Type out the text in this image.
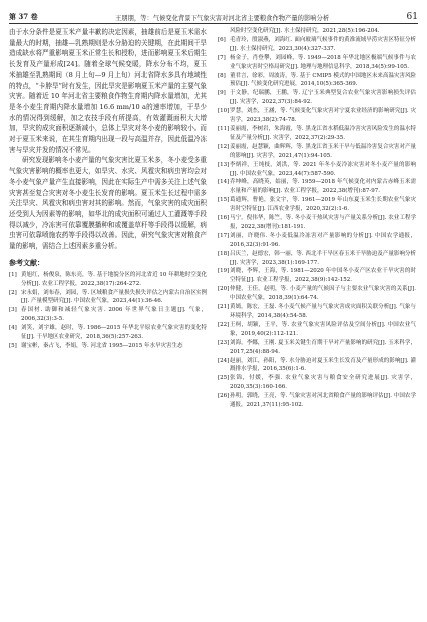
第 37 卷	王朋朋，等：气候变化背景下气象灾害对河北省主要粮食作物产量的影响分析	61

由于水分条件是夏玉米产量丰歉的决定因素，抽雄前后是夏玉米需水量最大的时期，抽雄—乳熟期则是水分胁迫的关键期，在此期间干旱造成缺水将严重影响夏玉米正常生长和授粉，进而影响夏玉米后期生长发育及产量形成[24]。随着全球气候变暖，降水分布不均，夏玉米抽雄至乳熟期间（8 月上旬—9 月上旬）河北省降水多具有地域性的特点，“卡脖旱”时有发生，因此旱灾是影响夏玉米产量的主要气象灾害。随着近 10 年河北省主要粮食作物生育期内降水量增加，尤其是冬小麦生育期内降水量增加 16.6 mm/10 a的速率增加，干旱少水的情况得到缓解，加之农技手段有所提高，有效灌溉面积大大增加，旱灾的成灾面积逐渐减小，总体上旱灾对冬小麦的影响较小。而对于夏玉米来说，在其生育期内出现一段与高温并存，因此低温冷冻害与旱灾并发的情况不常见。

研究发现影响冬小麦产量的气象灾害比夏玉米多，冬小麦受多重气象灾害影响的概率也更大，如旱灾、水灾、风雹灾和病虫害均会对冬小麦气象产量产生直接影响，因此在实际生产中需多关注上述气象灾害甚至复合灾害对冬小麦生长发育的影响。夏玉米生长过程中需多关注旱灾、风雹灾和病虫害对其的影响。然而，气象灾害的成灾面积还受到人为因素等的影响，如华北的成灾面积可通过人工灌溉等手段得以减少，冷冻害可依靠覆膜播种和或覆盖草秆等手段得以缓解，病虫害可依靠喷施农药等手段得以改善。因此，研究气象灾害对粮食产量的影响，需结合上述因素多重分析。

参考文献：
[1] 黄旭红，杨俊泉，陈东亮，等. 基于地貌分区的河北省近 10 年耕地时空变化分析[J]. 农业工程学报，2022,38(17):264-272.
[2] 宋永娟，刘布春，刘园，等. 区域粮食产量损失损失评估之内蒙古自治区实例[J]. 产量模型研究[J]. 中国农业气象，2023,44(1):36-46.
[3] 春国材. 助御和减轻气象灾害. 2006 年世界气象日主题[J]. 气象，2006,32(3):3-5.
[4] 刘笑，刘宇雄，赵时，等. 1986—2015 年华北平原农业气象灾害的变化特征[J]. 干旱地区农业研究，2018,36(5):257-263.
[5] 谢宝彬，秦占飞，李娟，等. 河北省 1995—2015 年水旱灾害生态
风险时空变化研究[J]. 水土保持研究，2021,28(5):196-204.
[6] 毛青玲，殷淑燕，刘海红. 面向玻璃气候事件的黄淮流域旱涝灾害区特征分析[J]. 水土保持研究，2023,30(4):327-337.
[7] 杨金子，肖登攀，刘园峰，等. 1949—2018 年华北地区极端气候事件与农业气象灾害时空格局研究[J]. 地理与地理信息科学，2018,34(5):99-105.
[8] 董君言，徐彩，周波涛，等. 基于 CMIP5 模式的中国地区未来高温灾害风险预估[J]. 气候变化研究进展，2014,10(5):365-369.
[9] 于文静，纪瑞鹏，王鹏，等. 辽宁玉米典型复合农业气象灾害影响损失评估[J]. 灾害学，2022,37(3):84-92.
[10] 罗慧，刘杰，王涵，等. 气候变化气象灾害对宁夏农业经济的影响研究[J]. 灾害学，2023,38(2):74-78.
[11] 姜丽霞，李树岩，朱海霞，等. 黑龙江省水稻低温冷害灾害风险发生的温水特征及产量分析[J]. 灾害学，2022,37(2):29-35.
[12] 姜丽霞，赵慧颖，曲辉辉，等. 黑龙江省玉米干旱与低温冷害复合灾害对产量的影响[J]. 灾害学，2021,47(1):94-105.
[13] 李炳祥，王纯枝，刘洪，等. 2021 年冬小麦冷冻灾害对冬小麦产量的影响[J]. 中国农业气象，2023,44(7):587-590.
[14] 乔坤峰，高晓英，姑丽，等. 1959—2018 年气候变化对内蒙古赤峰玉米需水量和产量的影响[J]. 农业工程学报，2022,38(增刊):87-97.
[15] 葛通辉，曹艳，张文宇，等. 1961—2019 年山东夏玉米生长期农业气象灾害时空特征[J]. 江西农业学报，2020,32(2):1-6.
[16] 马宁，倪伟华，陈竺，等. 冬小麦干热风灾害与产量关系分析[J]. 农业工程学报，2022,38(增刊):181-191.
[17] 刘丽，许晓伟. 冬小麦低温冷冻害对产量影响的分析[J]. 中国农学通报，2016,32(3):91-96.
[18] 吕庆兰，赵德宏，韩一丽，等. 西北半干旱区春玉米干旱胁迫及产量影响分析[J]. 灾害学，2023,38(1):169-177.
[19] 刘晓，李辉，王海，等. 1981—2020 年中国冬小麦产区农业干旱灾害的时空特征[J]. 农业工程学报，2022,38(9):142-152.
[20] 仲健，王佳，赵明，等. 小麦产量的气候因子与主要农业气象灾害的关系[J]. 中国农业气象，2018,39(1):64-74.
[21] 黄嫣，陈宏，王磊. 冬小麦气候产量与气象灾害成灾面积关联分析[J]. 气象与环境科学，2014,38(4):54-58.
[22] 王柯，胡颖，王平，等. 农业气象灾害风险评估及空间分析[J]. 中国农业气象，2019,40(2):112-121.
[23] 刘海，李娜，王刚. 夏玉米关键生育期干旱对产量影响的研究[J]. 玉米科学，2017,25(4):88-94.
[24] 赵丽，刘江，孙阳，等. 水分胁迫对夏玉米生长发育及产量形成的影响[J]. 灌溉排水学报，2016,35(6):1-6.
[25] 张锦，付媛，李强. 农业气象灾害与粮食安全研究进展[J]. 灾害学，2020,35(3):160-166.
[26] 孙明，郭晓，王亮，等. 气象灾害对河北省粮食产量的影响评估[J]. 中国农学通报，2021,37(11):95-102.
